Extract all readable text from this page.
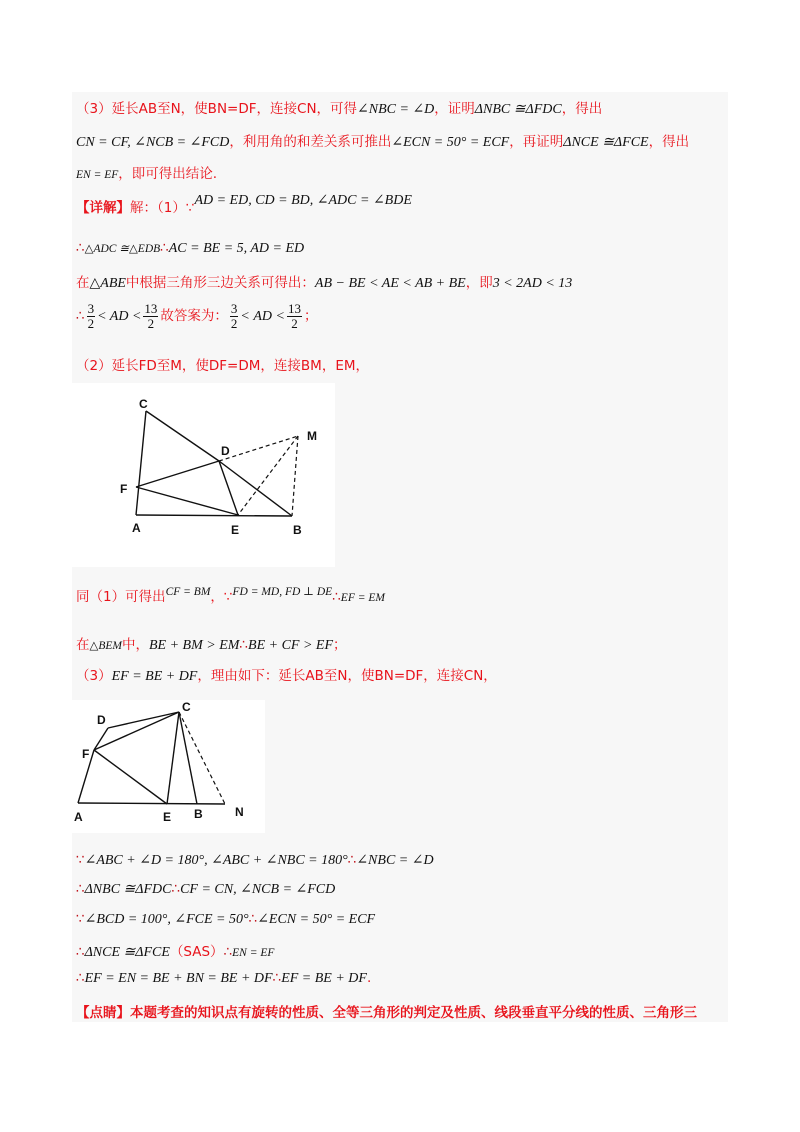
（3）延长AB至N，使BN=DF，连接CN，可得∠NBC = ∠D，证明ΔNBC ≅ΔFDC，得出
CN = CF, ∠NCB = ∠FCD，利用角的和差关系可推出∠ECN = 50° = ECF，再证明ΔNCE ≅ΔFCE，得出
EN = EF，即可得出结论.
【详解】解：（1）∵AD = ED, CD = BD, ∠ADC = ∠BDE
∴△ADC ≅△EDB∴AC = BE = 5, AD = ED
在△ABE中根据三角形三边关系可得出：AB − BE < AE < AB + BE，即3 < 2AD < 13
∴ $\frac{3}{2}$ < AD < $\frac{13}{2}$ 故答案为： $\frac{3}{2}$ < AD < $\frac{13}{2}$ ；
（2）延长FD至M，使DF=DM，连接BM，EM，
C
D
M
F
A	E	B
同（1）可得出CF = BM，∵FD = MD, FD ⊥ DE∴EF = EM
在△BEM中，BE + BM > EM∴BE + CF > EF；
（3）EF = BE + DF，理由如下：延长AB至N，使BN=DF，连接CN，
D
C
F
A	E B	N
∵∠ABC + ∠D = 180°, ∠ABC + ∠NBC = 180°∴∠NBC = ∠D
∴ΔNBC ≅ΔFDC∴CF = CN, ∠NCB = ∠FCD
∵∠BCD = 100°, ∠FCE = 50°∴∠ECN = 50° = ECF
∴ΔNCE ≅ΔFCE（SAS）∴EN = EF
∴EF = EN = BE + BN = BE + DF∴EF = BE + DF.
【点睛】本题考查的知识点有旋转的性质、全等三角形的判定及性质、线段垂直平分线的性质、三角形三
